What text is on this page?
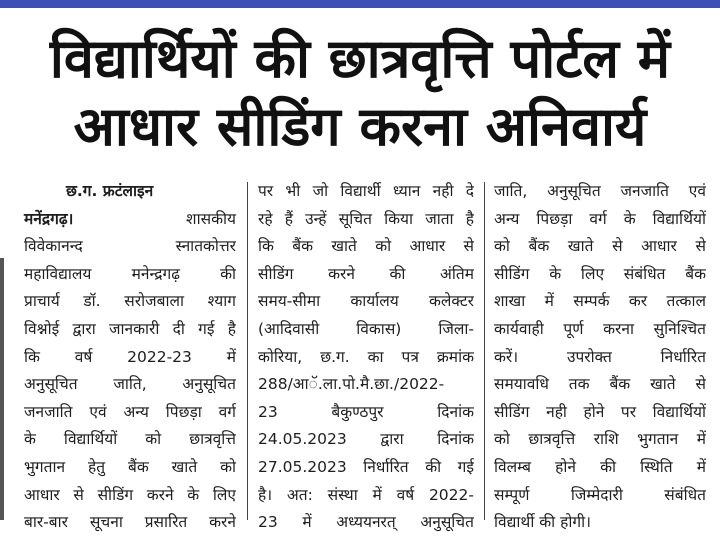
विद्यार्थियों की छात्रवृत्ति पोर्टल में
आधार सीडिंग करना अनिवार्य
छ.ग. फ्रटंलाइन
मनेंद्रगढ़।	शासकीय
विवेकानन्द स्नातकोत्तर
महाविद्यालय मनेन्द्रगढ़ की
प्राचार्य डॉ. सरोजबाला श्याग
विश्नोई द्वारा जानकारी दी गई है
कि वर्ष 2022-23 में
अनुसूचित जाति, अनुसूचित
जनजाति एवं अन्य पिछड़ा वर्ग
के विद्यार्थियों को छात्रवृत्ति
भुगतान हेतु बैंक खाते को
आधार से सीडिंग करने के लिए
बार-बार सूचना प्रसारित करने
पर भी जो विद्यार्थी ध्यान नही दे
रहे हैं उन्हें सूचित किया जाता है
कि बैंक खाते को आधार से
सीडिंग करने की अंतिम
समय-सीमा कार्यालय कलेक्टर
(आदिवासी विकास) जिला-
कोरिया, छ.ग. का पत्र क्रमांक
288/आॅ.ला.पो.मै.छा./2022-
23 बैकुण्ठपुर दिनांक
24.05.2023 द्वारा दिनांक
27.05.2023 निर्धारित की गई
है। अत: संस्था में वर्ष 2022-
23 में अध्ययनरत् अनुसूचित
जाति, अनुसूचित जनजाति एवं
अन्य पिछड़ा वर्ग के विद्यार्थियों
को बैंक खाते से आधार से
सीडिंग के लिए संबंधित बैंक
शाखा में सम्पर्क कर तत्काल
कार्यवाही पूर्ण करना सुनिश्चित
करें। उपरोक्त निर्धारित
समयावधि तक बैंक खाते से
सीडिंग नही होने पर विद्यार्थियों
को छात्रवृत्ति राशि भुगतान में
विलम्ब होने की स्थिति में
सम्पूर्ण जिम्मेदारी संबंधित
विद्यार्थी की होगी।
